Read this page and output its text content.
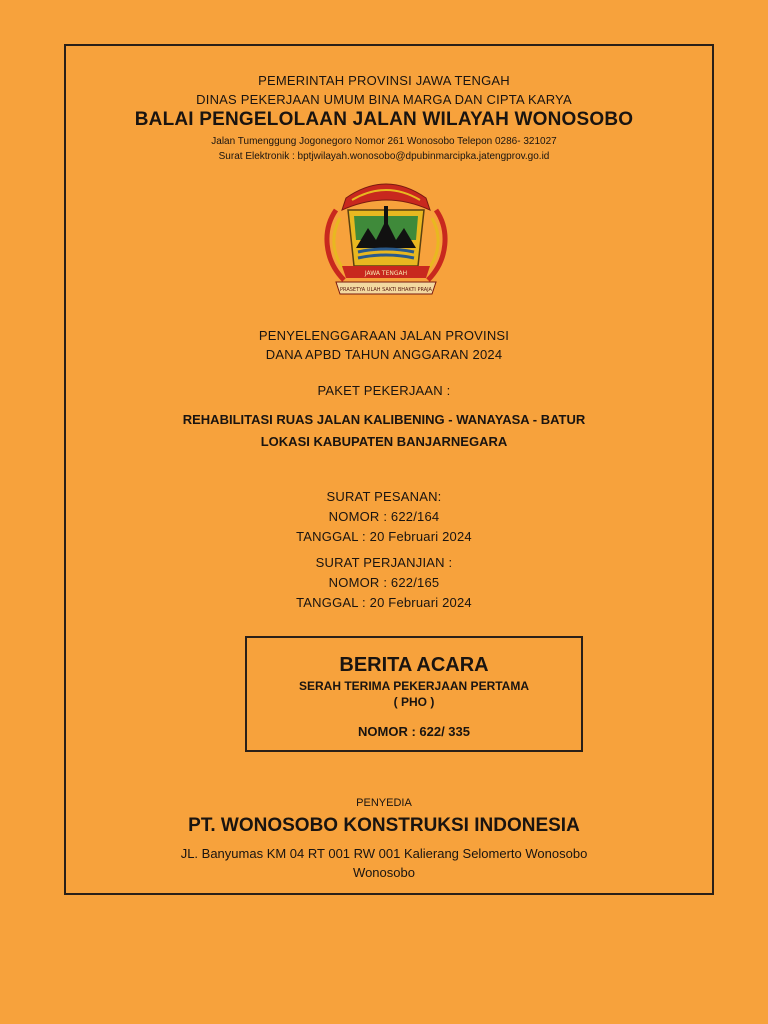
PEMERINTAH PROVINSI JAWA TENGAH
DINAS PEKERJAAN UMUM BINA MARGA DAN CIPTA KARYA
BALAI PENGELOLAAN JALAN WILAYAH WONOSOBO
Jalan Tumenggung Jogonegoro Nomor 261 Wonosobo Telepon 0286- 321027
Surat Elektronik : bptjwilayah.wonosobo@dpubinmarcipka.jatengprov.go.id
JAWA TENGAH
PRASETYA ULAH SAKTI BHAKTI PRAJA
PENYELENGGARAAN JALAN PROVINSI
DANA APBD TAHUN ANGGARAN 2024
PAKET PEKERJAAN :
REHABILITASI RUAS JALAN KALIBENING - WANAYASA - BATUR
LOKASI KABUPATEN BANJARNEGARA
SURAT PESANAN:
NOMOR : 622/164
TANGGAL : 20 Februari 2024
SURAT PERJANJIAN :
NOMOR : 622/165
TANGGAL : 20 Februari 2024
BERITA ACARA
SERAH TERIMA PEKERJAAN PERTAMA
( PHO )
NOMOR : 622/ 335
PENYEDIA
PT. WONOSOBO KONSTRUKSI INDONESIA
JL. Banyumas KM 04 RT 001 RW 001 Kalierang Selomerto Wonosobo
Wonosobo
